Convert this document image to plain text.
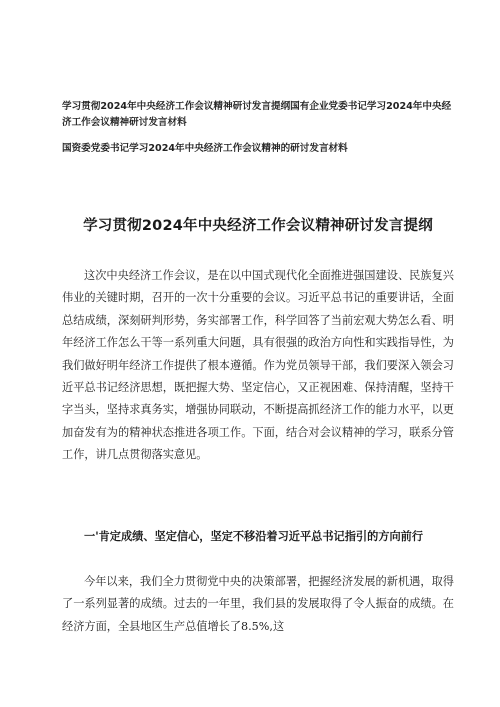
学习贯彻2024年中央经济工作会议精神研讨发言提纲国有企业党委书记学习2024年中央经济工作会议精神研讨发言材料
国资委党委书记学习2024年中央经济工作会议精神的研讨发言材料
学习贯彻2024年中央经济工作会议精神研讨发言提纲

这次中央经济工作会议，是在以中国式现代化全面推进强国建设、民族复兴伟业的关键时期，召开的一次十分重要的会议。习近平总书记的重要讲话，全面总结成绩，深刻研判形势，务实部署工作，科学回答了当前宏观大势怎么看、明年经济工作怎么干等一系列重大问题，具有很强的政治方向性和实践指导性，为我们做好明年经济工作提供了根本遵循。作为党员领导干部，我们要深入领会习近平总书记经济思想，既把握大势、坚定信心，又正视困难、保持清醒，坚持干字当头，坚持求真务实，增强协同联动，不断提高抓经济工作的能力水平，以更加奋发有为的精神状态推进各项工作。下面，结合对会议精神的学习，联系分管工作，讲几点贯彻落实意见。

一'肯定成绩、坚定信心，坚定不移沿着习近平总书记指引的方向前行

今年以来，我们全力贯彻党中央的决策部署，把握经济发展的新机遇，取得了一系列显著的成绩。过去的一年里，我们县的发展取得了令人振奋的成绩。在经济方面，全县地区生产总值增长了8.5%,这
